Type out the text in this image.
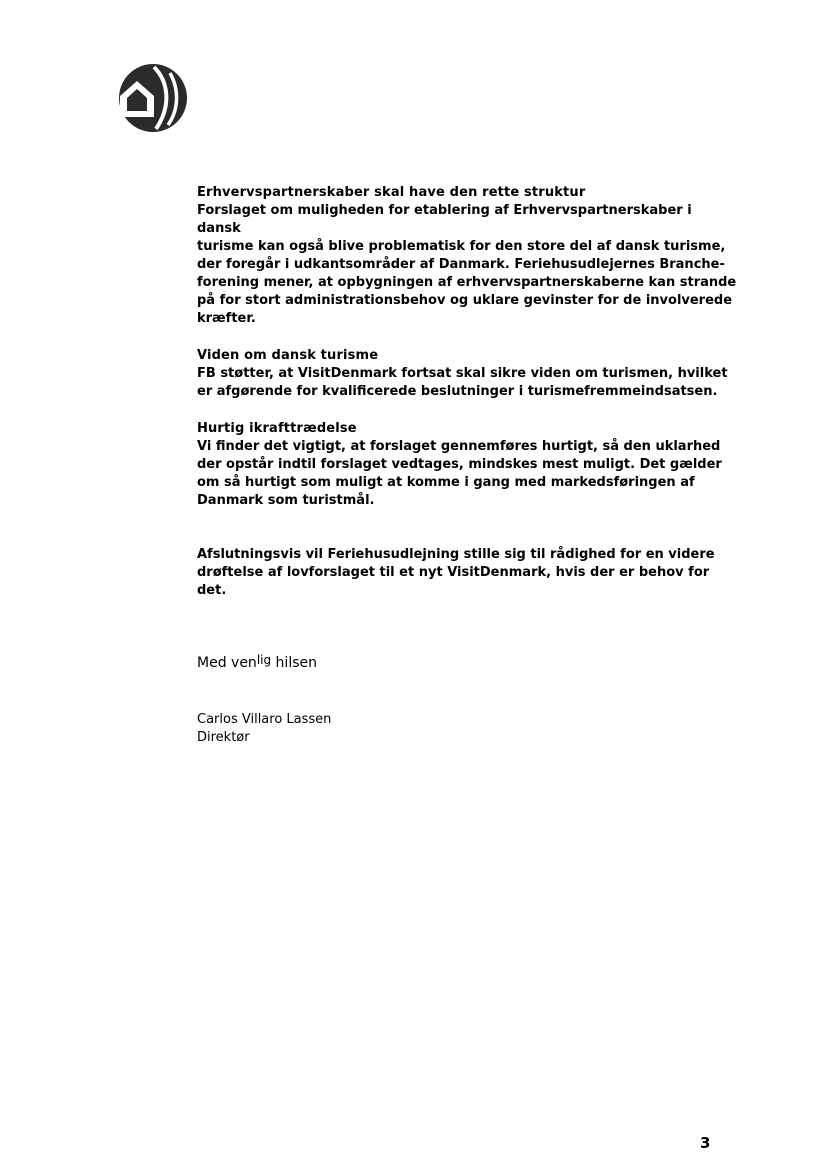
Erhvervspartnerskaber skal have den rette struktur
Forslaget om muligheden for etablering af Erhvervspartnerskaber i dansk
turisme kan også blive problematisk for den store del af dansk turisme,
der foregår i udkantsområder af Danmark. Feriehusudlejernes Branche-
forening mener, at opbygningen af erhvervspartnerskaberne kan strande
på for stort administrationsbehov og uklare gevinster for de involverede
kræfter.
Viden om dansk turisme
FB støtter, at VisitDenmark fortsat skal sikre viden om turismen, hvilket
er afgørende for kvalificerede beslutninger i turismefremmeindsatsen.
Hurtig ikrafttrædelse
Vi finder det vigtigt, at forslaget gennemføres hurtigt, så den uklarhed
der opstår indtil forslaget vedtages, mindskes mest muligt. Det gælder
om så hurtigt som muligt at komme i gang med markedsføringen af
Danmark som turistmål.
Afslutningsvis vil Feriehusudlejning stille sig til rådighed for en videre
drøftelse af lovforslaget til et nyt VisitDenmark, hvis der er behov for
det.
Med venlig hilsen
Carlos Villaro Lassen
Direktør
3
